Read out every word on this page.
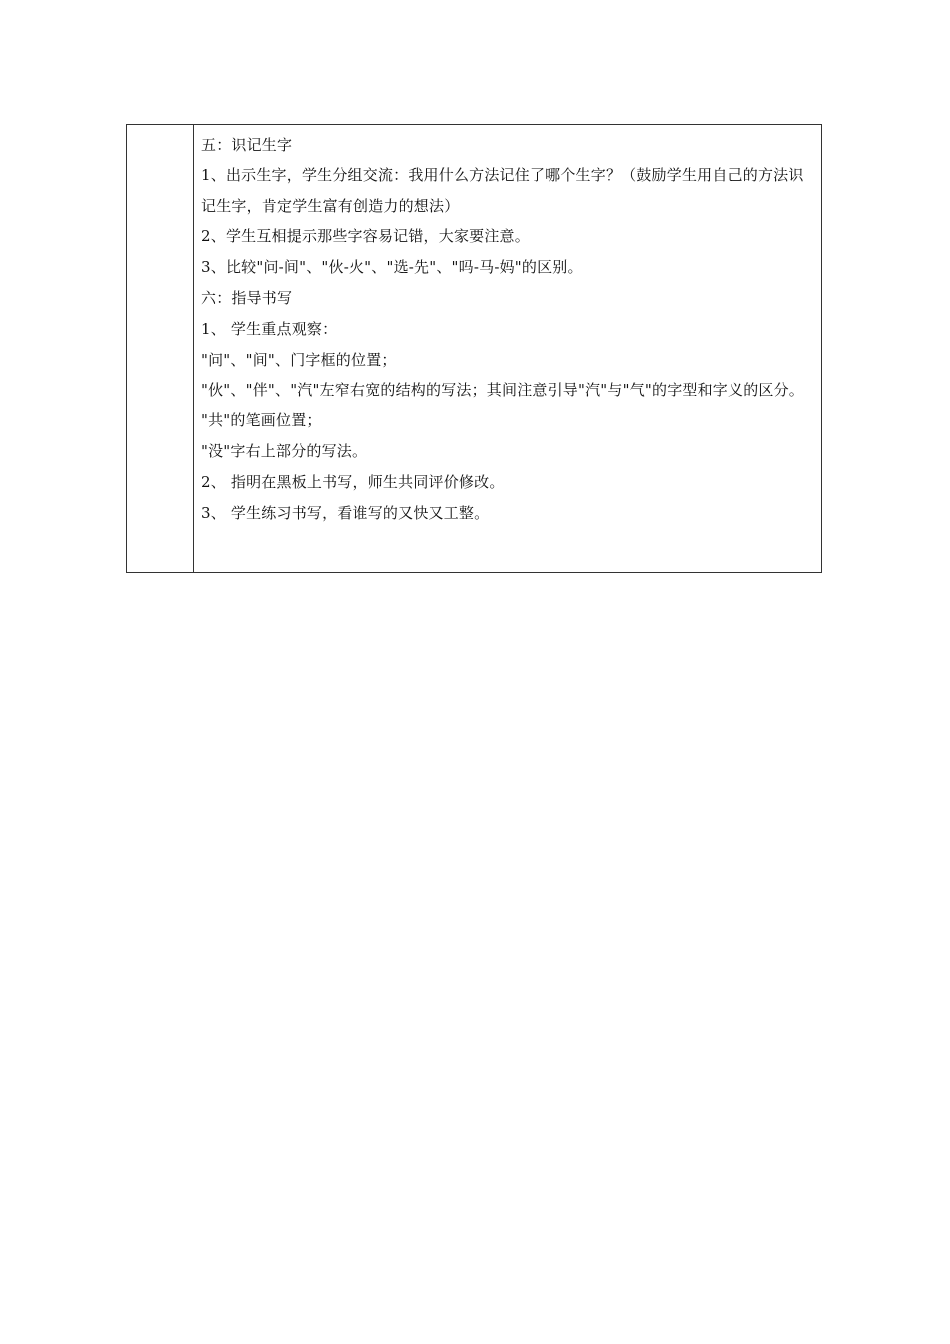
五：识记生字
1、出示生字，学生分组交流：我用什么方法记住了哪个生字？（鼓励学生用自己的方法识记生字，肯定学生富有创造力的想法）
2、学生互相提示那些字容易记错，大家要注意。
3、比较"问-间"、"伙-火"、"选-先"、"吗-马-妈"的区别。
六：指导书写
1、 学生重点观察：
"问"、"间"、门字框的位置；
"伙"、"伴"、"汽"左窄右宽的结构的写法；其间注意引导"汽"与"气"的字型和字义的区分。
"共"的笔画位置；
"没"字右上部分的写法。
2、 指明在黑板上书写，师生共同评价修改。
3、 学生练习书写，看谁写的又快又工整。
